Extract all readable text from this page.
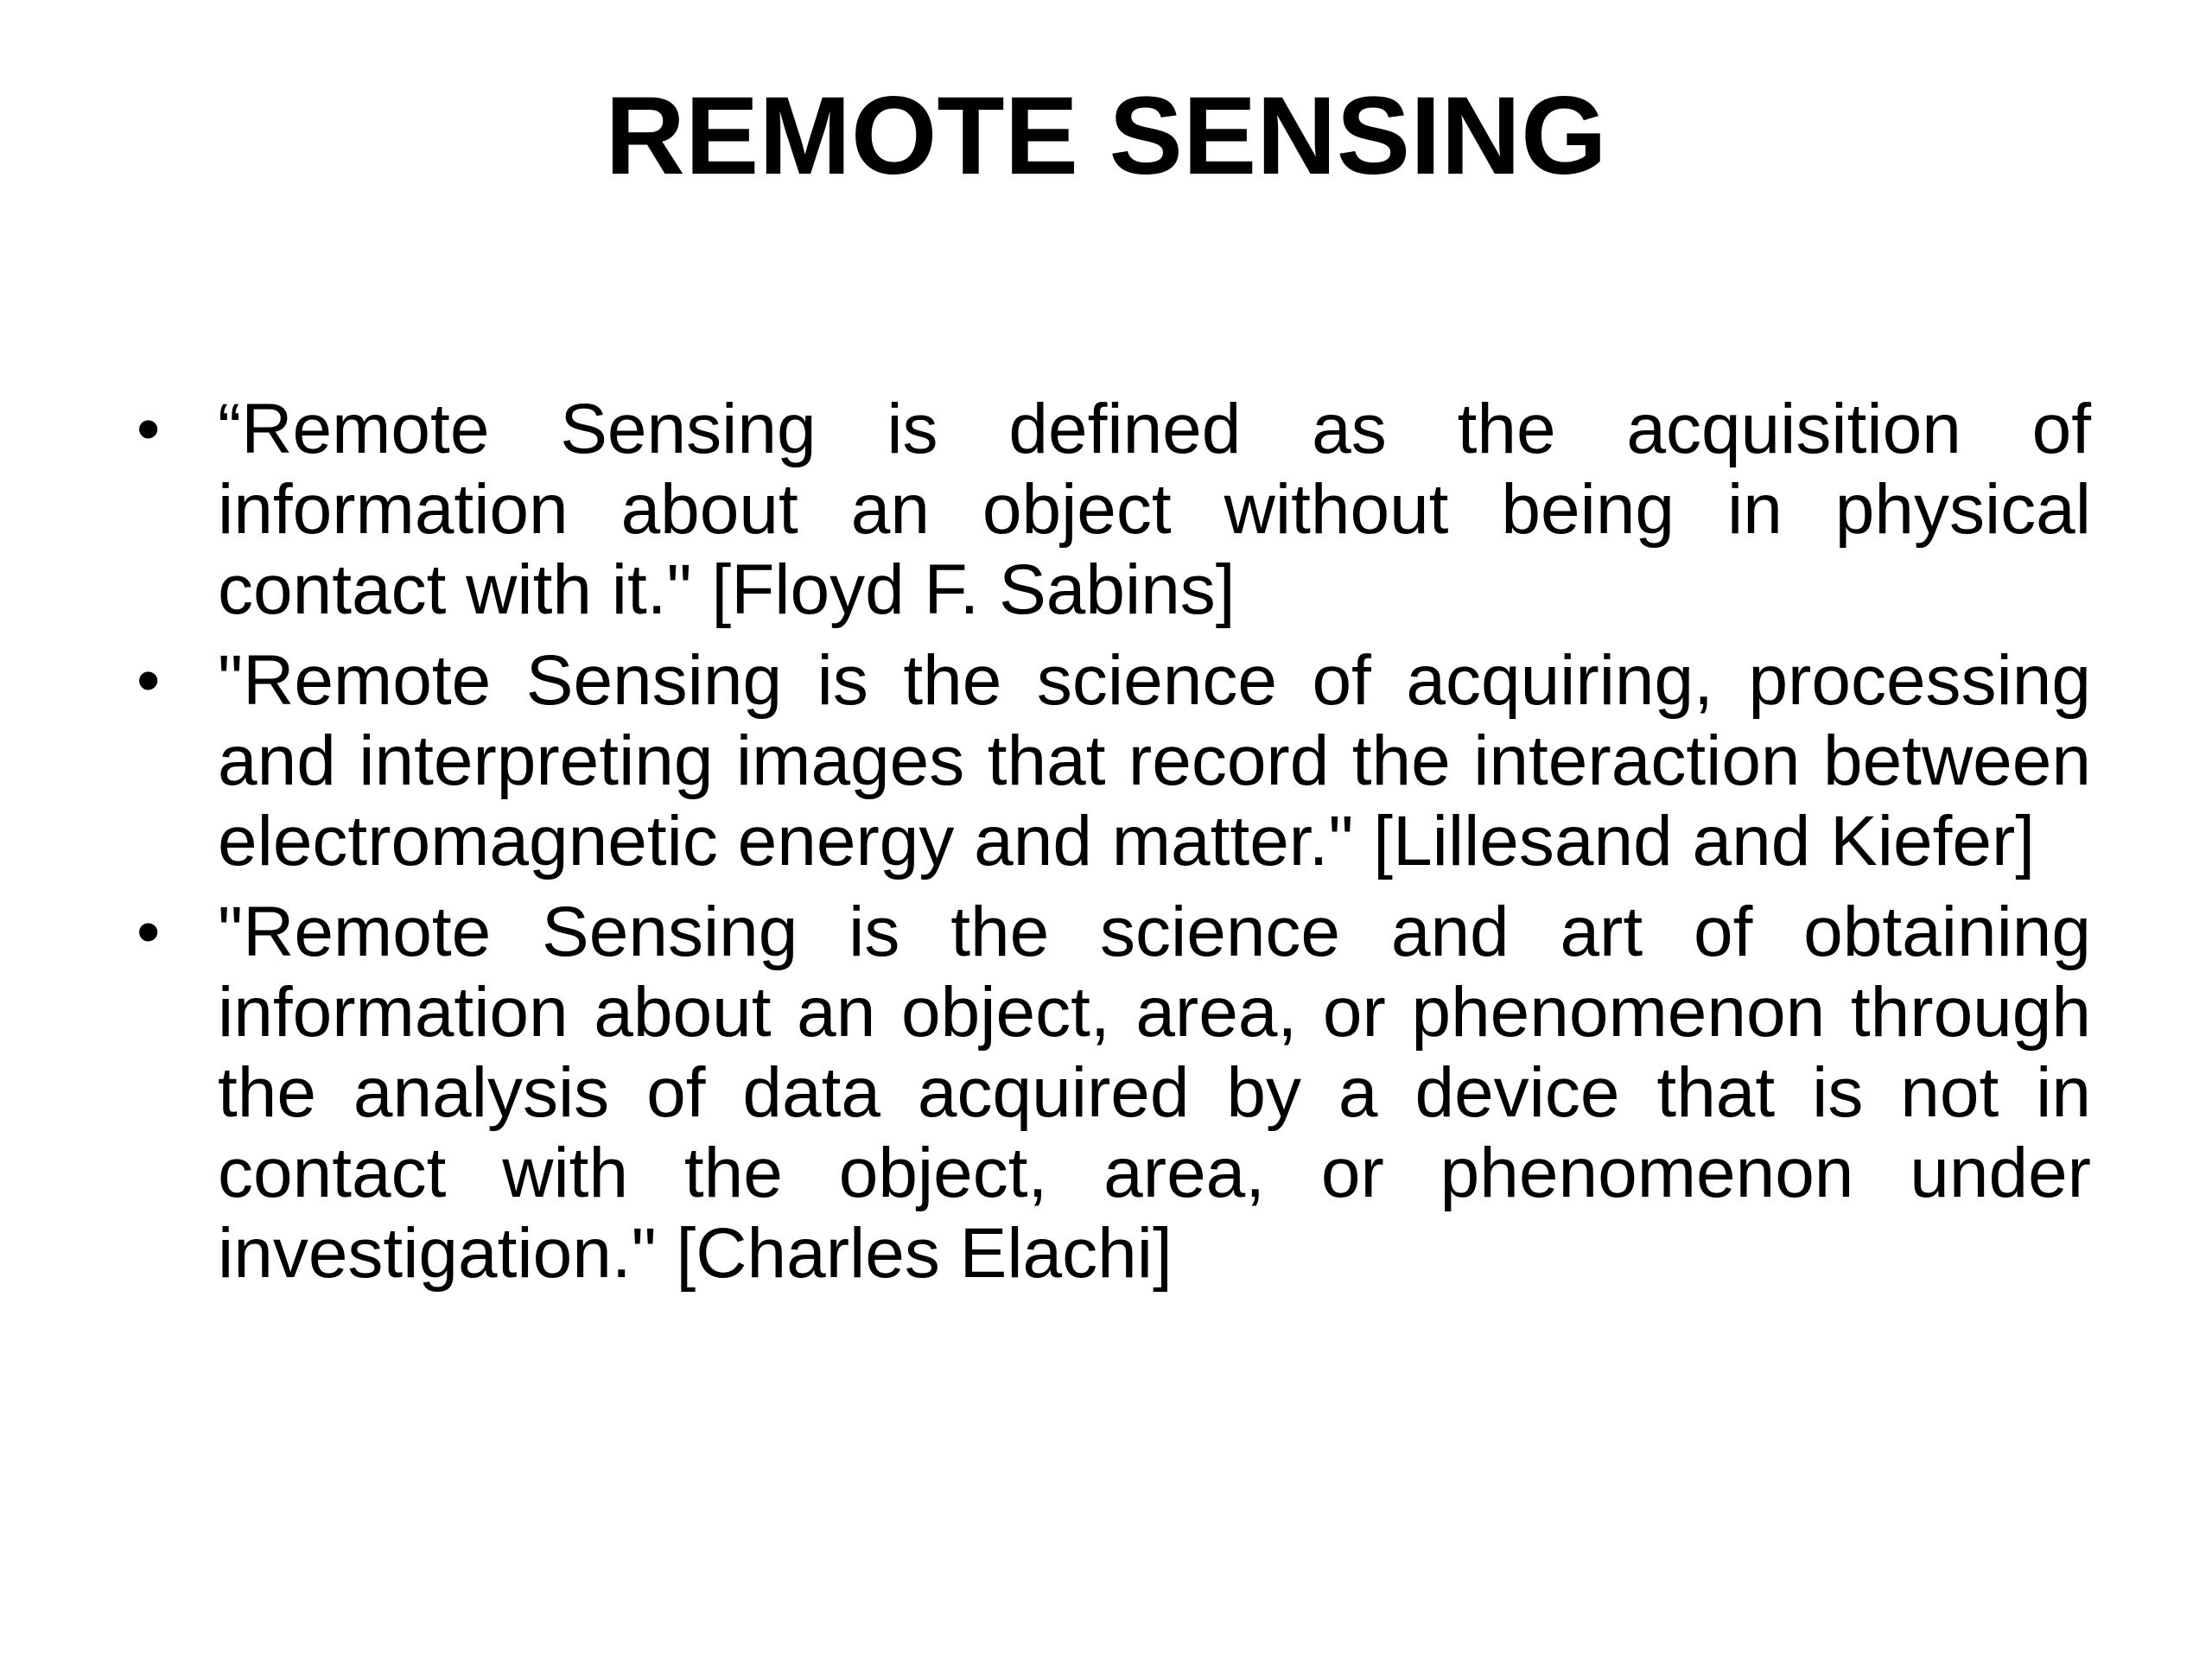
REMOTE SENSING
• “Remote Sensing is defined as the acquisition of information about an object without being in physical contact with it." [Floyd F. Sabins]
• "Remote Sensing is the science of acquiring, processing and interpreting images that record the interaction between electromagnetic energy and matter." [Lillesand and Kiefer]
• "Remote Sensing is the science and art of obtaining information about an object, area, or phenomenon through the analysis of data acquired by a device that is not in contact with the object, area, or phenomenon under investigation." [Charles Elachi]
